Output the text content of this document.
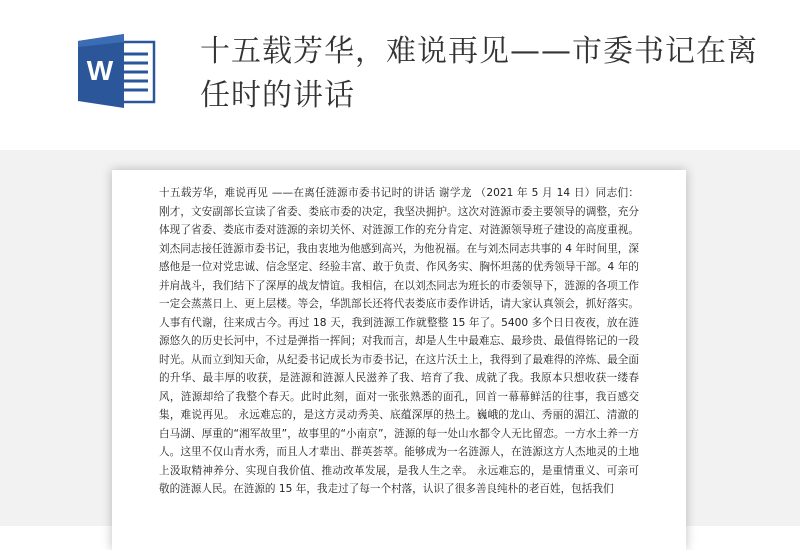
W
十五载芳华，难说再见——市委书记在离任时的讲话
十五载芳华，难说再见 ——在离任涟源市委书记时的讲话 谢学龙 （2021 年 5 月 14 日）同志们： 刚才，文安副部长宣读了省委、娄底市委的决定，我坚决拥护。这次对涟源市委主要领导的调整，充分体现了省委、娄底市委对涟源的亲切关怀、对涟源工作的充分肯定、对涟源领导班子建设的高度重视。刘杰同志接任涟源市委书记，我由衷地为他感到高兴，为他祝福。在与刘杰同志共事的 4 年时间里，深感他是一位对党忠诚、信念坚定、经验丰富、敢于负责、作风务实、胸怀坦荡的优秀领导干部。4 年的并肩战斗，我们结下了深厚的战友情谊。我相信，在以刘杰同志为班长的市委领导下，涟源的各项工作一定会蒸蒸日上、更上层楼。等会，华凯部长还将代表娄底市委作讲话，请大家认真领会，抓好落实。 人事有代谢，往来成古今。再过 18 天，我到涟源工作就整整 15 年了。5400 多个日日夜夜，放在涟源悠久的历史长河中，不过是弹指一挥间；对我而言，却是人生中最难忘、最珍贵、最值得铭记的一段时光。从而立到知天命，从纪委书记成长为市委书记，在这片沃土上，我得到了最难得的淬炼、最全面的升华、最丰厚的收获，是涟源和涟源人民滋养了我、培育了我、成就了我。我原本只想收获一缕春风，涟源却给了我整个春天。此时此刻，面对一张张熟悉的面孔，回首一幕幕鲜活的往事，我百感交集，难说再见。 永远难忘的，是这方灵动秀美、底蕴深厚的热土。巍峨的龙山、秀丽的湄江、清澈的白马湖、厚重的“湘军故里”，故事里的“小南京”，涟源的每一处山水都令人无比留恋。一方水土养一方人。这里不仅山青水秀，而且人才辈出、群英荟萃。能够成为一名涟源人，在涟源这方人杰地灵的土地上汲取精神养分、实现自我价值、推动改革发展，是我人生之幸。 永远难忘的，是重情重义、可亲可敬的涟源人民。在涟源的 15 年，我走过了每一个村落，认识了很多善良纯朴的老百姓，包括我们
